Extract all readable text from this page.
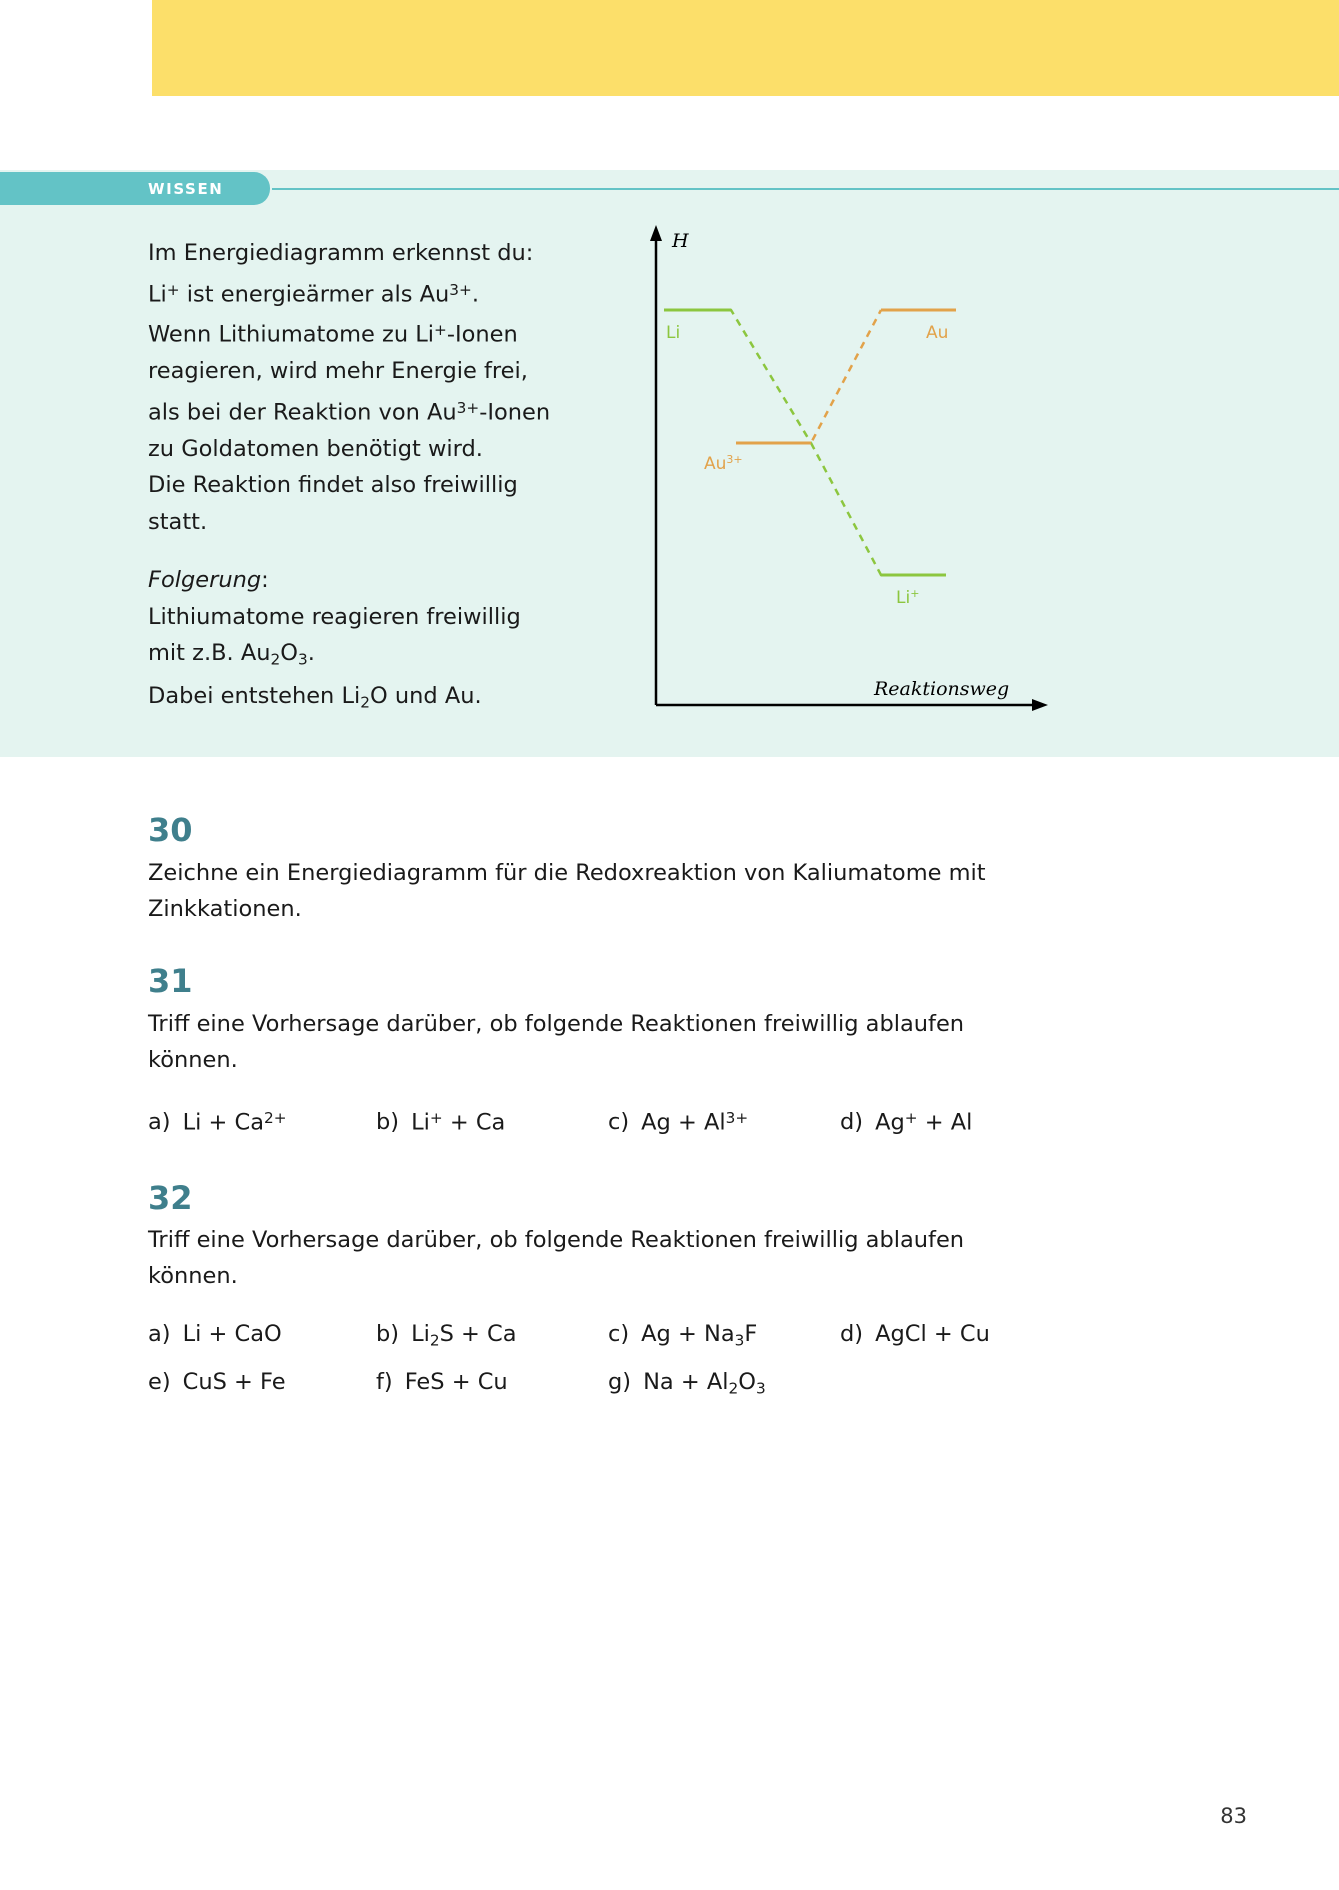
WISSEN

Im Energiediagramm erkennst du:

Li+ ist energieärmer als $Au^{3+}$.

Wenn Lithiumatome zu Li+-Ionen

reagieren, wird mehr Energie frei,

als bei der Reaktion von $Au^{3+}$-Ionen

zu Goldatomen benötigt wird.

Die Reaktion findet also freiwillig

statt.

Folgerung:

Lithiumatome reagieren freiwillig

mit z.B. $Au_2O_3$.

Dabei entstehen $Li_2O$ und Au.

Li	Au
$Au^{3+}$
Li+
H
Reaktionsweg
30

Zeichne ein Energiediagramm für die Redoxreaktion von Kaliumatome mit Zinkkationen.

31

Triff eine Vorhersage darüber, ob folgende Reaktionen freiwillig ablaufen können.

a) $Li + Ca^{2+}$	b) Li+ + Ca	c) $Ag + Al^{3+}$	d) Ag+ + Al
32

Triff eine Vorhersage darüber, ob folgende Reaktionen freiwillig ablaufen können.

a) Li + CaO	b) $Li_2S + Ca$	c) $Ag + Na_3F$	d) AgCl + Cu
e) CuS + Fe	f) FeS + Cu	g) $Na + Al_2O_3$
83
